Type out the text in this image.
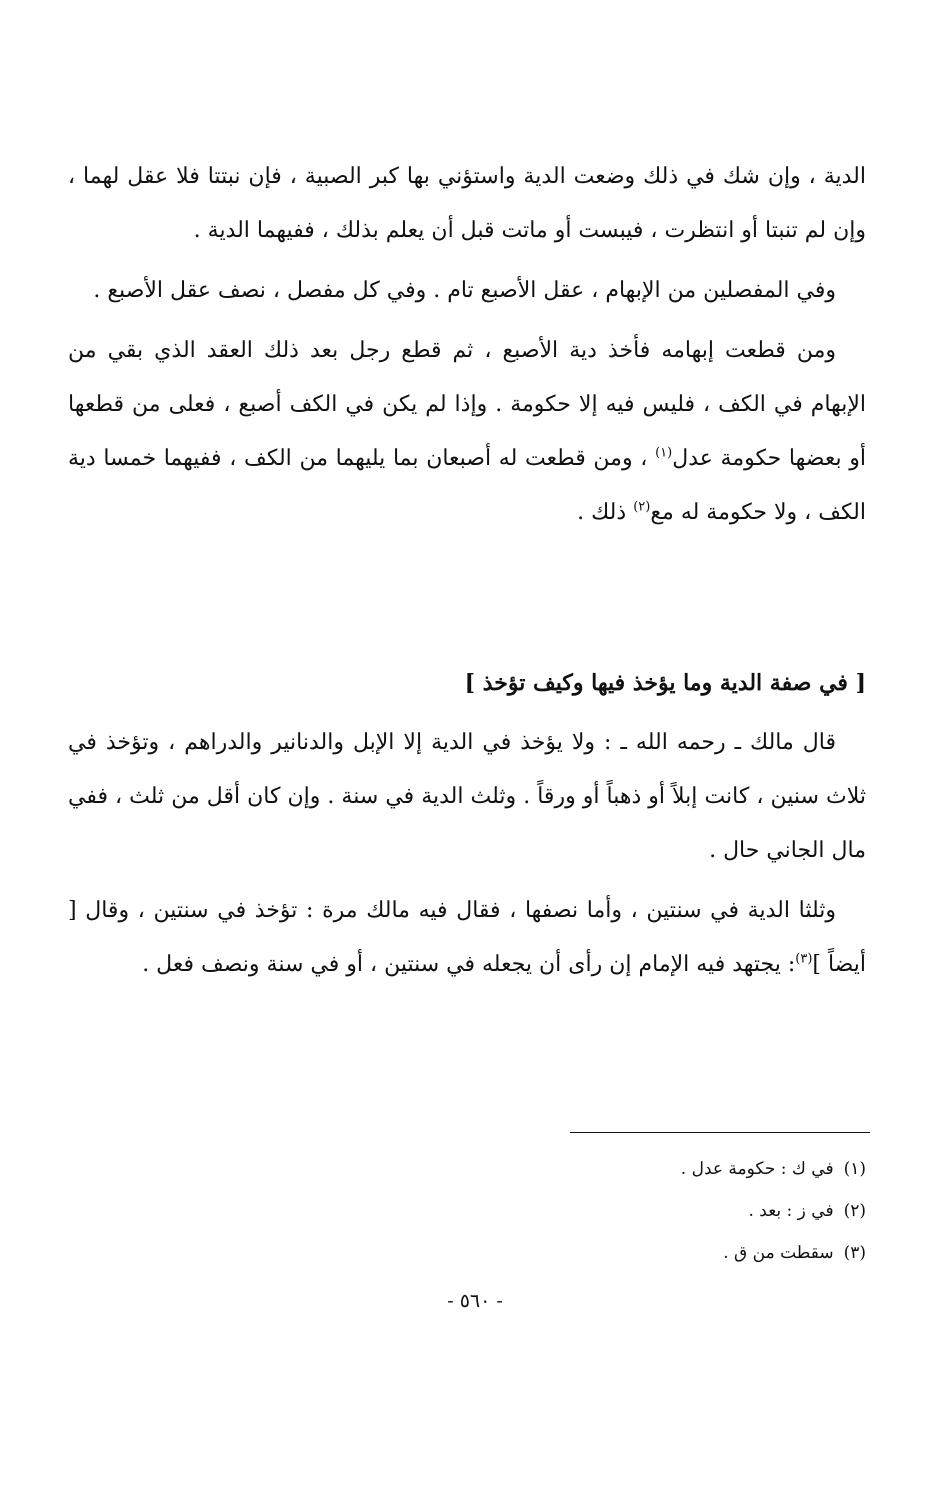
الدية ، وإن شك في ذلك وضعت الدية واستؤني بها كبر الصبية ، فإن نبتتا فلا عقل لهما ، وإن لم تنبتا أو انتظرت ، فيبست أو ماتت قبل أن يعلم بذلك ، ففيهما الدية .

وفي المفصلين من الإبهام ، عقل الأصبع تام . وفي كل مفصل ، نصف عقل الأصبع .

ومن قطعت إبهامه فأخذ دية الأصبع ، ثم قطع رجل بعد ذلك العقد الذي بقي من الإبهام في الكف ، فليس فيه إلا حكومة . وإذا لم يكن في الكف أصبع ، فعلى من قطعها أو بعضها حكومة عدل$^{(١)}$ ، ومن قطعت له أصبعان بما يليهما من الكف ، ففيهما خمسا دية الكف ، ولا حكومة له مع$^{(٢)}$ ذلك .

[ في صفة الدية وما يؤخذ فيها وكيف تؤخذ ]

قال مالك ـ رحمه الله ـ : ولا يؤخذ في الدية إلا الإبل والدنانير والدراهم ، وتؤخذ في ثلاث سنين ، كانت إبلاً أو ذهباً أو ورقاً . وثلث الدية في سنة . وإن كان أقل من ثلث ، ففي مال الجاني حال .

وثلثا الدية في سنتين ، وأما نصفها ، فقال فيه مالك مرة : تؤخذ في سنتين ، وقال [ أيضاً ]$^{(٣)}$: يجتهد فيه الإمام إن رأى أن يجعله في سنتين ، أو في سنة ونصف فعل .

(١)في ك : حكومة عدل .

(٢)في ز : بعد .

(٣)سقطت من ق .

- ٥٦٠ -
